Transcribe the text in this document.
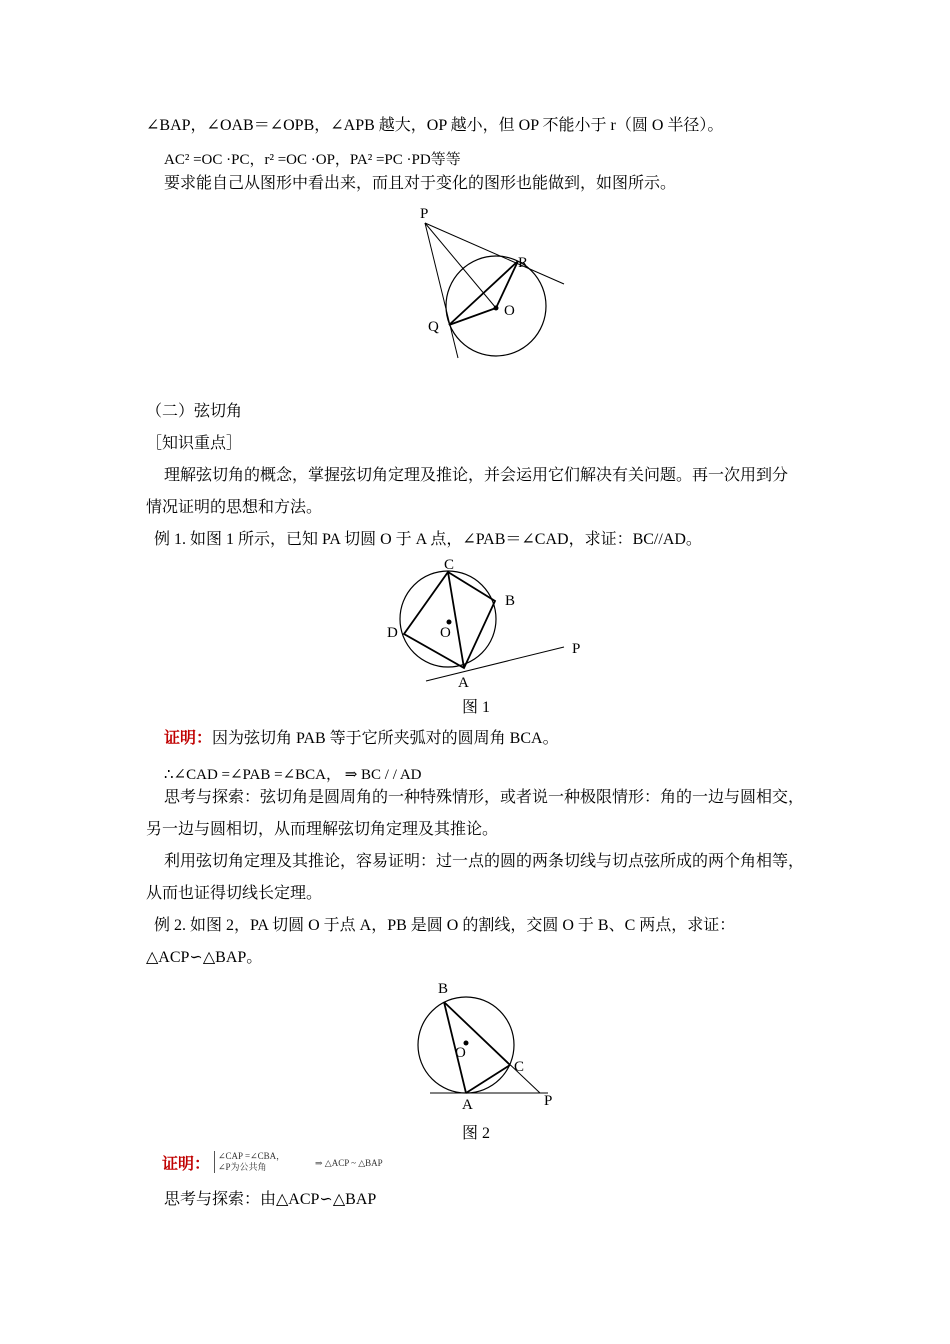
∠BAP，∠OAB＝∠OPB，∠APB 越大，OP 越小，但 OP 不能小于 r（圆 O 半径）。
AC² =OC ·PC，r² =OC ·OP，PA² =PC ·PD等等
要求能自己从图形中看出来，而且对于变化的图形也能做到，如图所示。
P
R
O
Q
（二）弦切角
［知识重点］
理解弦切角的概念，掌握弦切角定理及推论，并会运用它们解决有关问题。再一次用到分
情况证明的思想和方法。
例 1. 如图 1 所示，已知 PA 切圆 O 于 A 点，∠PAB＝∠CAD，求证：BC//AD。
C
B
D	O
A
P
图 1
证明：因为弦切角 PAB 等于它所夹弧对的圆周角 BCA。
∴∠CAD =∠PAB =∠BCA， ⇒ BC / / AD
思考与探索：弦切角是圆周角的一种特殊情形，或者说一种极限情形：角的一边与圆相交，
另一边与圆相切，从而理解弦切角定理及其推论。
利用弦切角定理及其推论，容易证明：过一点的圆的两条切线与切点弦所成的两个角相等，
从而也证得切线长定理。
例 2. 如图 2，PA 切圆 O 于点 A，PB 是圆 O 的割线，交圆 O 于 B、C 两点，求证：
△ACP∽△BAP。
B
O
C
A	P
图 2
证明： ∠CAP =∠CBA，
∠P为公共角	⇒ △ACP ~ △BAP
思考与探索：由△ACP∽△BAP
